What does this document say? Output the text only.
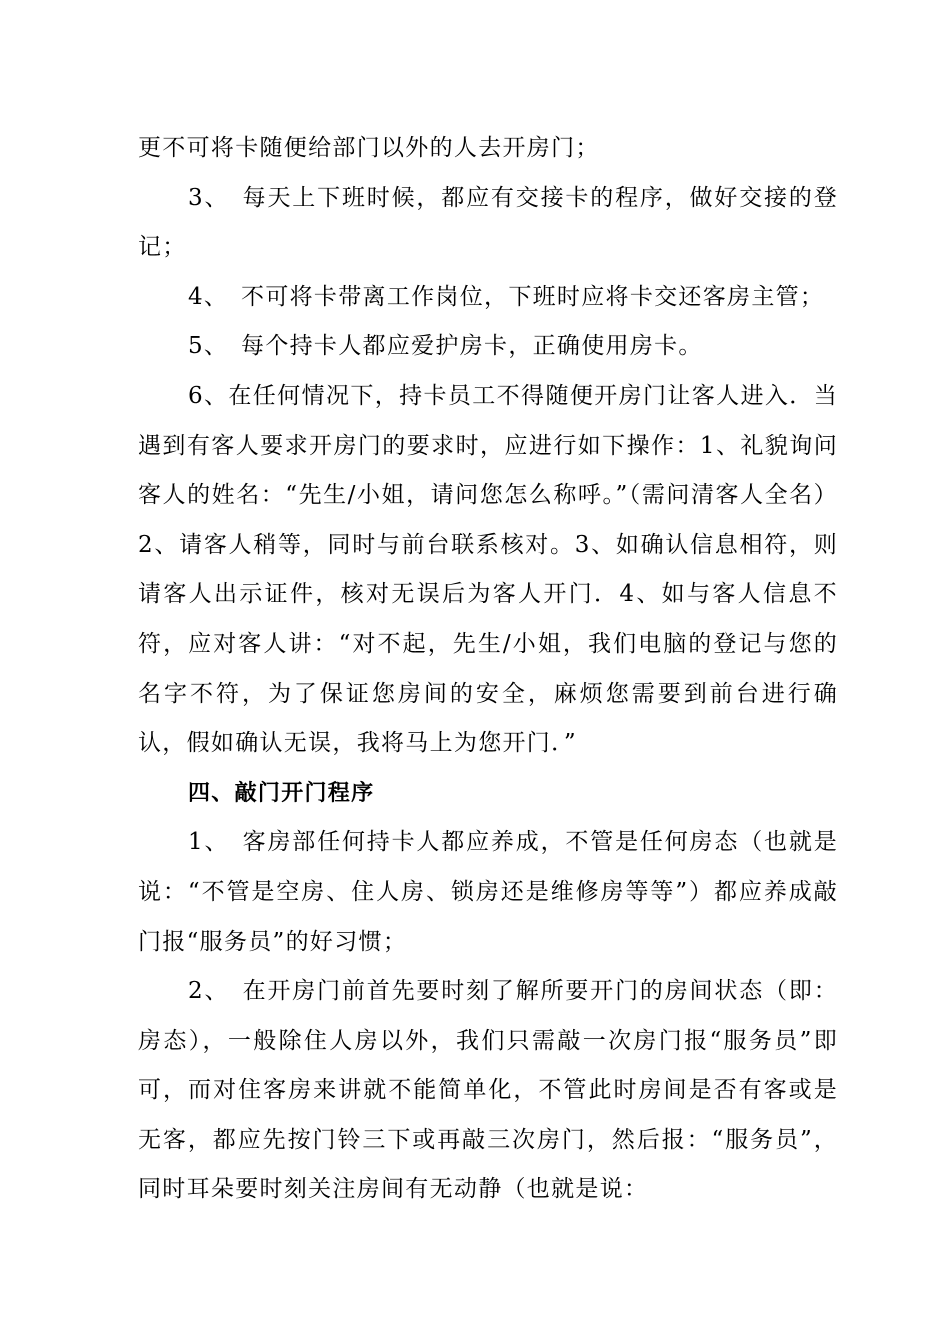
更不可将卡随便给部门以外的人去开房门；

3、　每天上下班时候，都应有交接卡的程序，做好交接的登记；

4、　不可将卡带离工作岗位，下班时应将卡交还客房主管；

5、　每个持卡人都应爱护房卡，正确使用房卡。

6、在任何情况下，持卡员工不得随便开房门让客人进入．当遇到有客人要求开房门的要求时，应进行如下操作：1、礼貌询问客人的姓名：“先生/小姐，请问您怎么称呼。”（需问清客人全名）2、请客人稍等，同时与前台联系核对。3、如确认信息相符，则请客人出示证件，核对无误后为客人开门．4、如与客人信息不符，应对客人讲：“对不起，先生/小姐，我们电脑的登记与您的名字不符，为了保证您房间的安全，麻烦您需要到前台进行确认，假如确认无误，我将马上为您开门．”

四、敲门开门程序

1、　客房部任何持卡人都应养成，不管是任何房态（也就是说：“不管是空房、住人房、锁房还是维修房等等”）都应养成敲门报“服务员”的好习惯；

2、　在开房门前首先要时刻了解所要开门的房间状态（即：房态），一般除住人房以外，我们只需敲一次房门报“服务员”即可，而对住客房来讲就不能简单化，不管此时房间是否有客或是无客，都应先按门铃三下或再敲三次房门，然后报：“服务员”，同时耳朵要时刻关注房间有无动静（也就是说：
